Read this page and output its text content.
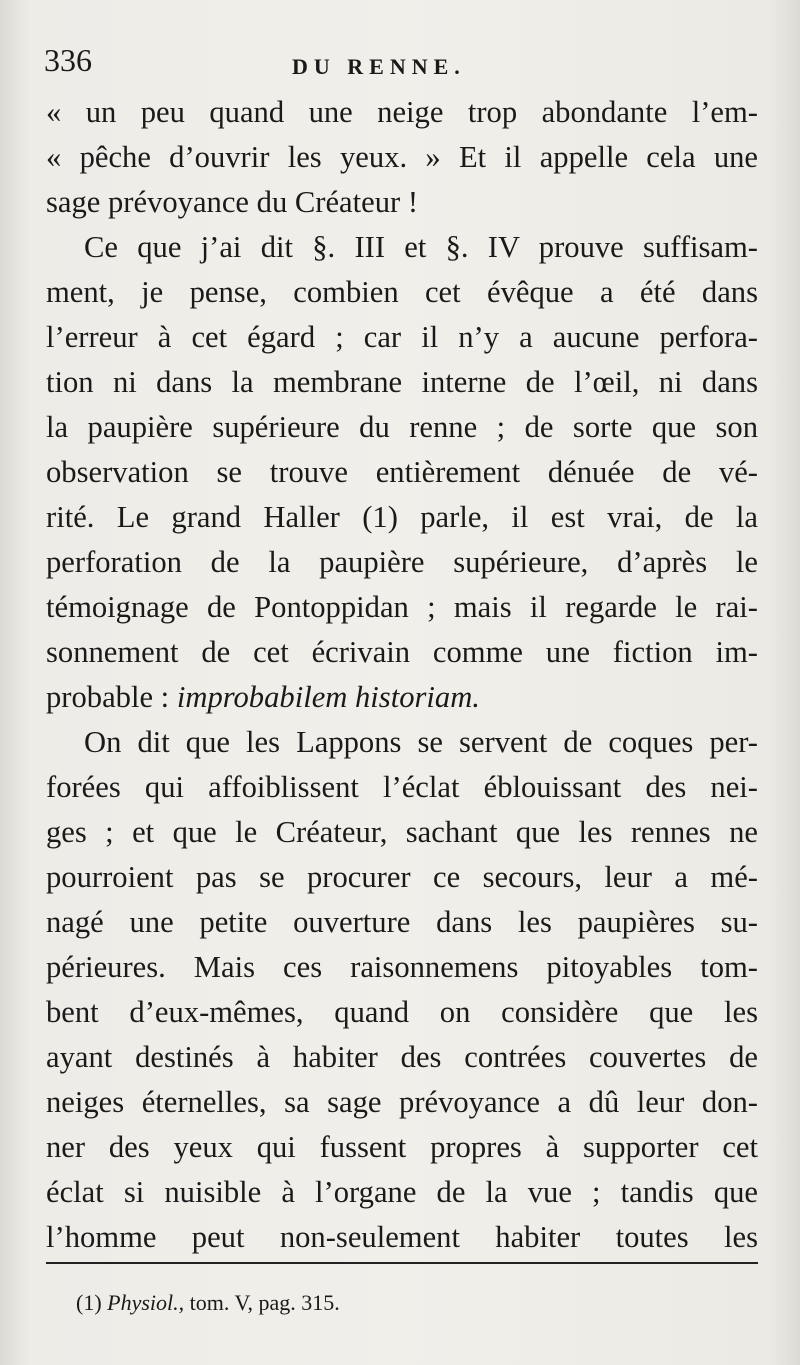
336	DU RENNE.

« un peu quand une neige trop abondante l’em-
« pêche d’ouvrir les yeux. » Et il appelle cela une
sage prévoyance du Créateur !

Ce que j’ai dit §. III et §. IV prouve suffisam-
ment, je pense, combien cet évêque a été dans
l’erreur à cet égard ; car il n’y a aucune perfora-
tion ni dans la membrane interne de l’œil, ni dans
la paupière supérieure du renne ; de sorte que son
observation se trouve entièrement dénuée de vé-
rité. Le grand Haller (1) parle, il est vrai, de la
perforation de la paupière supérieure, d’après le
témoignage de Pontoppidan ; mais il regarde le rai-
sonnement de cet écrivain comme une fiction im-
probable : improbabilem historiam.

On dit que les Lappons se servent de coques per-
forées qui affoiblissent l’éclat éblouissant des nei-
ges ; et que le Créateur, sachant que les rennes ne
pourroient pas se procurer ce secours, leur a mé-
nagé une petite ouverture dans les paupières su-
périeures. Mais ces raisonnemens pitoyables tom-
bent d’eux-mêmes, quand on considère que les
ayant destinés à habiter des contrées couvertes de
neiges éternelles, sa sage prévoyance a dû leur don-
ner des yeux qui fussent propres à supporter cet
éclat si nuisible à l’organe de la vue ; tandis que
l’homme peut non-seulement habiter toutes les

(1) Physiol., tom. V, pag. 315.
